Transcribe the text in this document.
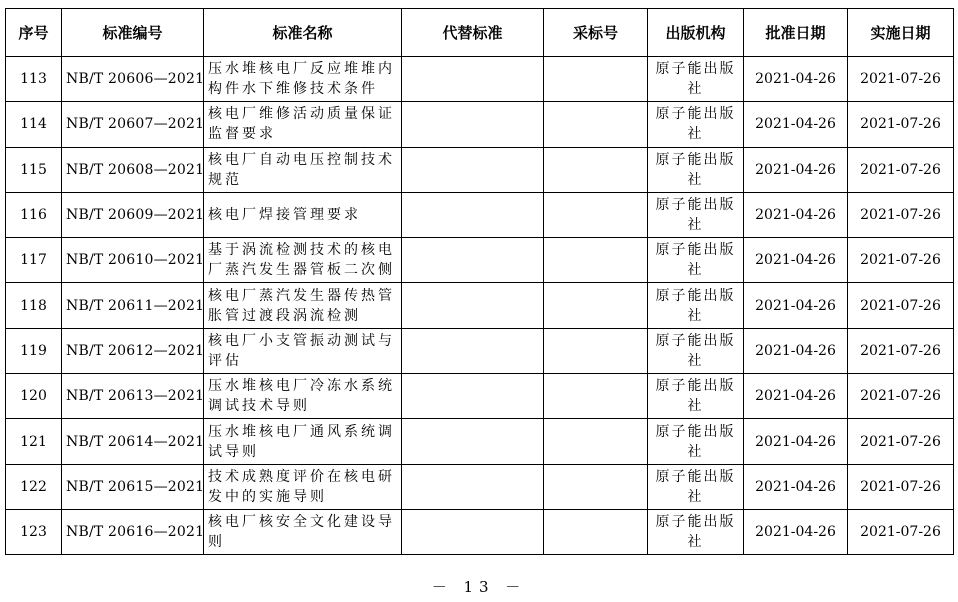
序号	标准编号	标准名称	代替标准	采标号	出版机构	批准日期	实施日期
113	NB/T 20606—2021	压水堆核电厂反应堆堆内构件水下维修技术条件			原子能出版社	2021-04-26	2021-07-26
114	NB/T 20607—2021	核电厂维修活动质量保证监督要求			原子能出版社	2021-04-26	2021-07-26
115	NB/T 20608—2021	核电厂自动电压控制技术规范			原子能出版社	2021-04-26	2021-07-26
116	NB/T 20609—2021	核电厂焊接管理要求			原子能出版社	2021-04-26	2021-07-26
117	NB/T 20610—2021	基于涡流检测技术的核电厂蒸汽发生器管板二次侧			原子能出版社	2021-04-26	2021-07-26
118	NB/T 20611—2021	核电厂蒸汽发生器传热管胀管过渡段涡流检测			原子能出版社	2021-04-26	2021-07-26
119	NB/T 20612—2021	核电厂小支管振动测试与评估			原子能出版社	2021-04-26	2021-07-26
120	NB/T 20613—2021	压水堆核电厂冷冻水系统调试技术导则			原子能出版社	2021-04-26	2021-07-26
121	NB/T 20614—2021	压水堆核电厂通风系统调试导则			原子能出版社	2021-04-26	2021-07-26
122	NB/T 20615—2021	技术成熟度评价在核电研发中的实施导则			原子能出版社	2021-04-26	2021-07-26
123	NB/T 20616—2021	核电厂核安全文化建设导则			原子能出版社	2021-04-26	2021-07-26
－ 13 －
